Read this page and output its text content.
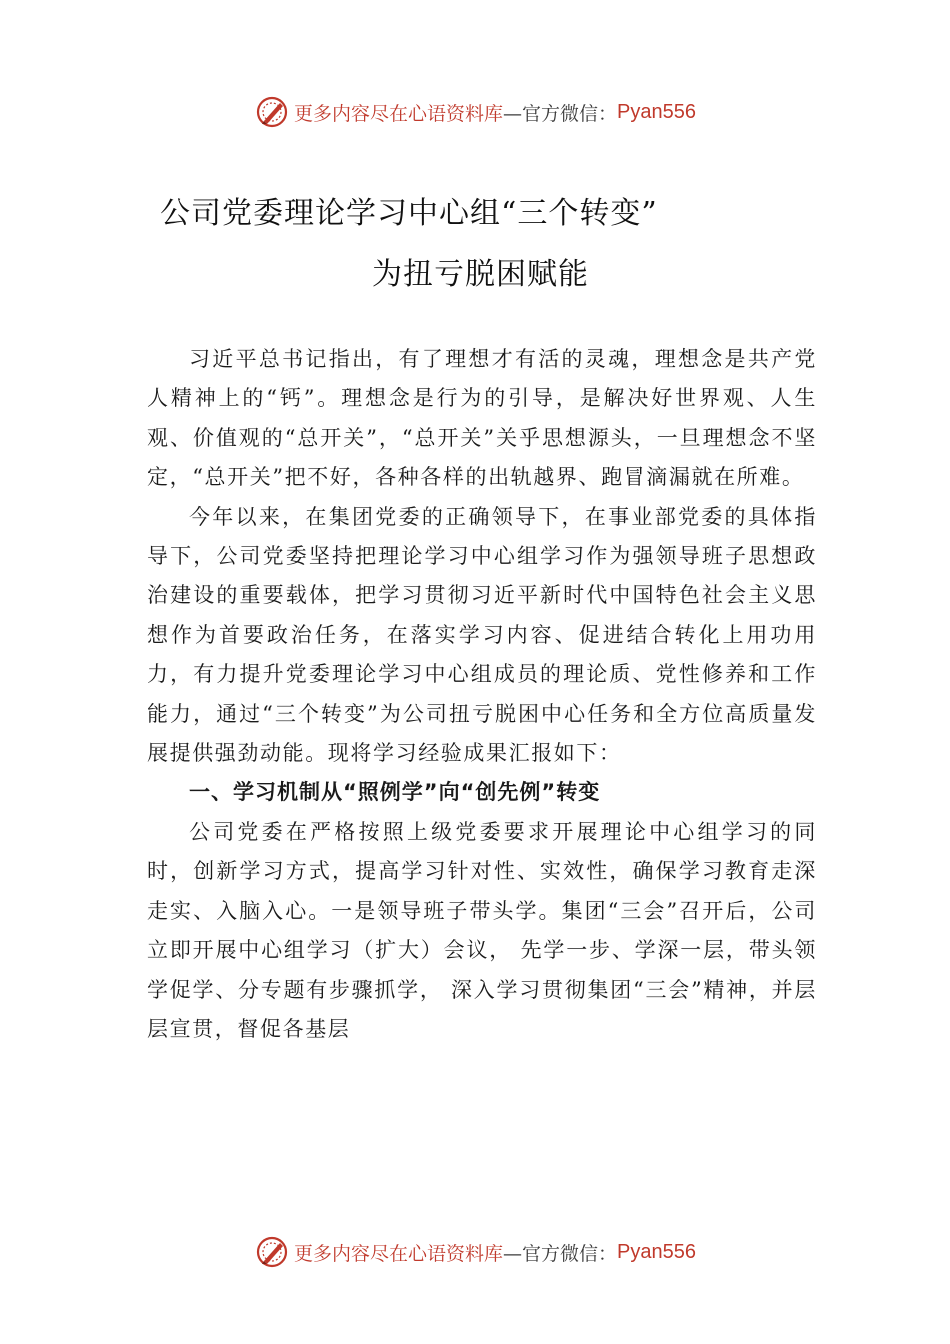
更多内容尽在心语资料库 —官方微信： Pyan556
公司党委理论学习中心组“三个转变”
为扭亏脱困赋能

习近平总书记指出，有了理想才有活的灵魂，理想念是共产党人精神上的“钙”。理想念是行为的引导，是解决好世界观、人生观、价值观的“总开关”，“总开关”关乎思想源头，一旦理想念不坚定，“总开关”把不好，各种各样的出轨越界、跑冒滴漏就在所难。

今年以来，在集团党委的正确领导下，在事业部党委的具体指导下，公司党委坚持把理论学习中心组学习作为强领导班子思想政治建设的重要载体，把学习贯彻习近平新时代中国特色社会主义思想作为首要政治任务，在落实学习内容、促进结合转化上用功用力，有力提升党委理论学习中心组成员的理论质、党性修养和工作能力，通过“三个转变”为公司扭亏脱困中心任务和全方位高质量发展提供强劲动能。现将学习经验成果汇报如下：

一、学习机制从“照例学”向“创先例”转变

公司党委在严格按照上级党委要求开展理论中心组学习的同时，创新学习方式，提高学习针对性、实效性，确保学习教育走深走实、入脑入心。一是领导班子带头学。集团“三会”召开后，公司立即开展中心组学习（扩大）会议， 先学一步、学深一层，带头领学促学、分专题有步骤抓学， 深入学习贯彻集团“三会”精神，并层层宣贯，督促各基层

更多内容尽在心语资料库 —官方微信： Pyan556
